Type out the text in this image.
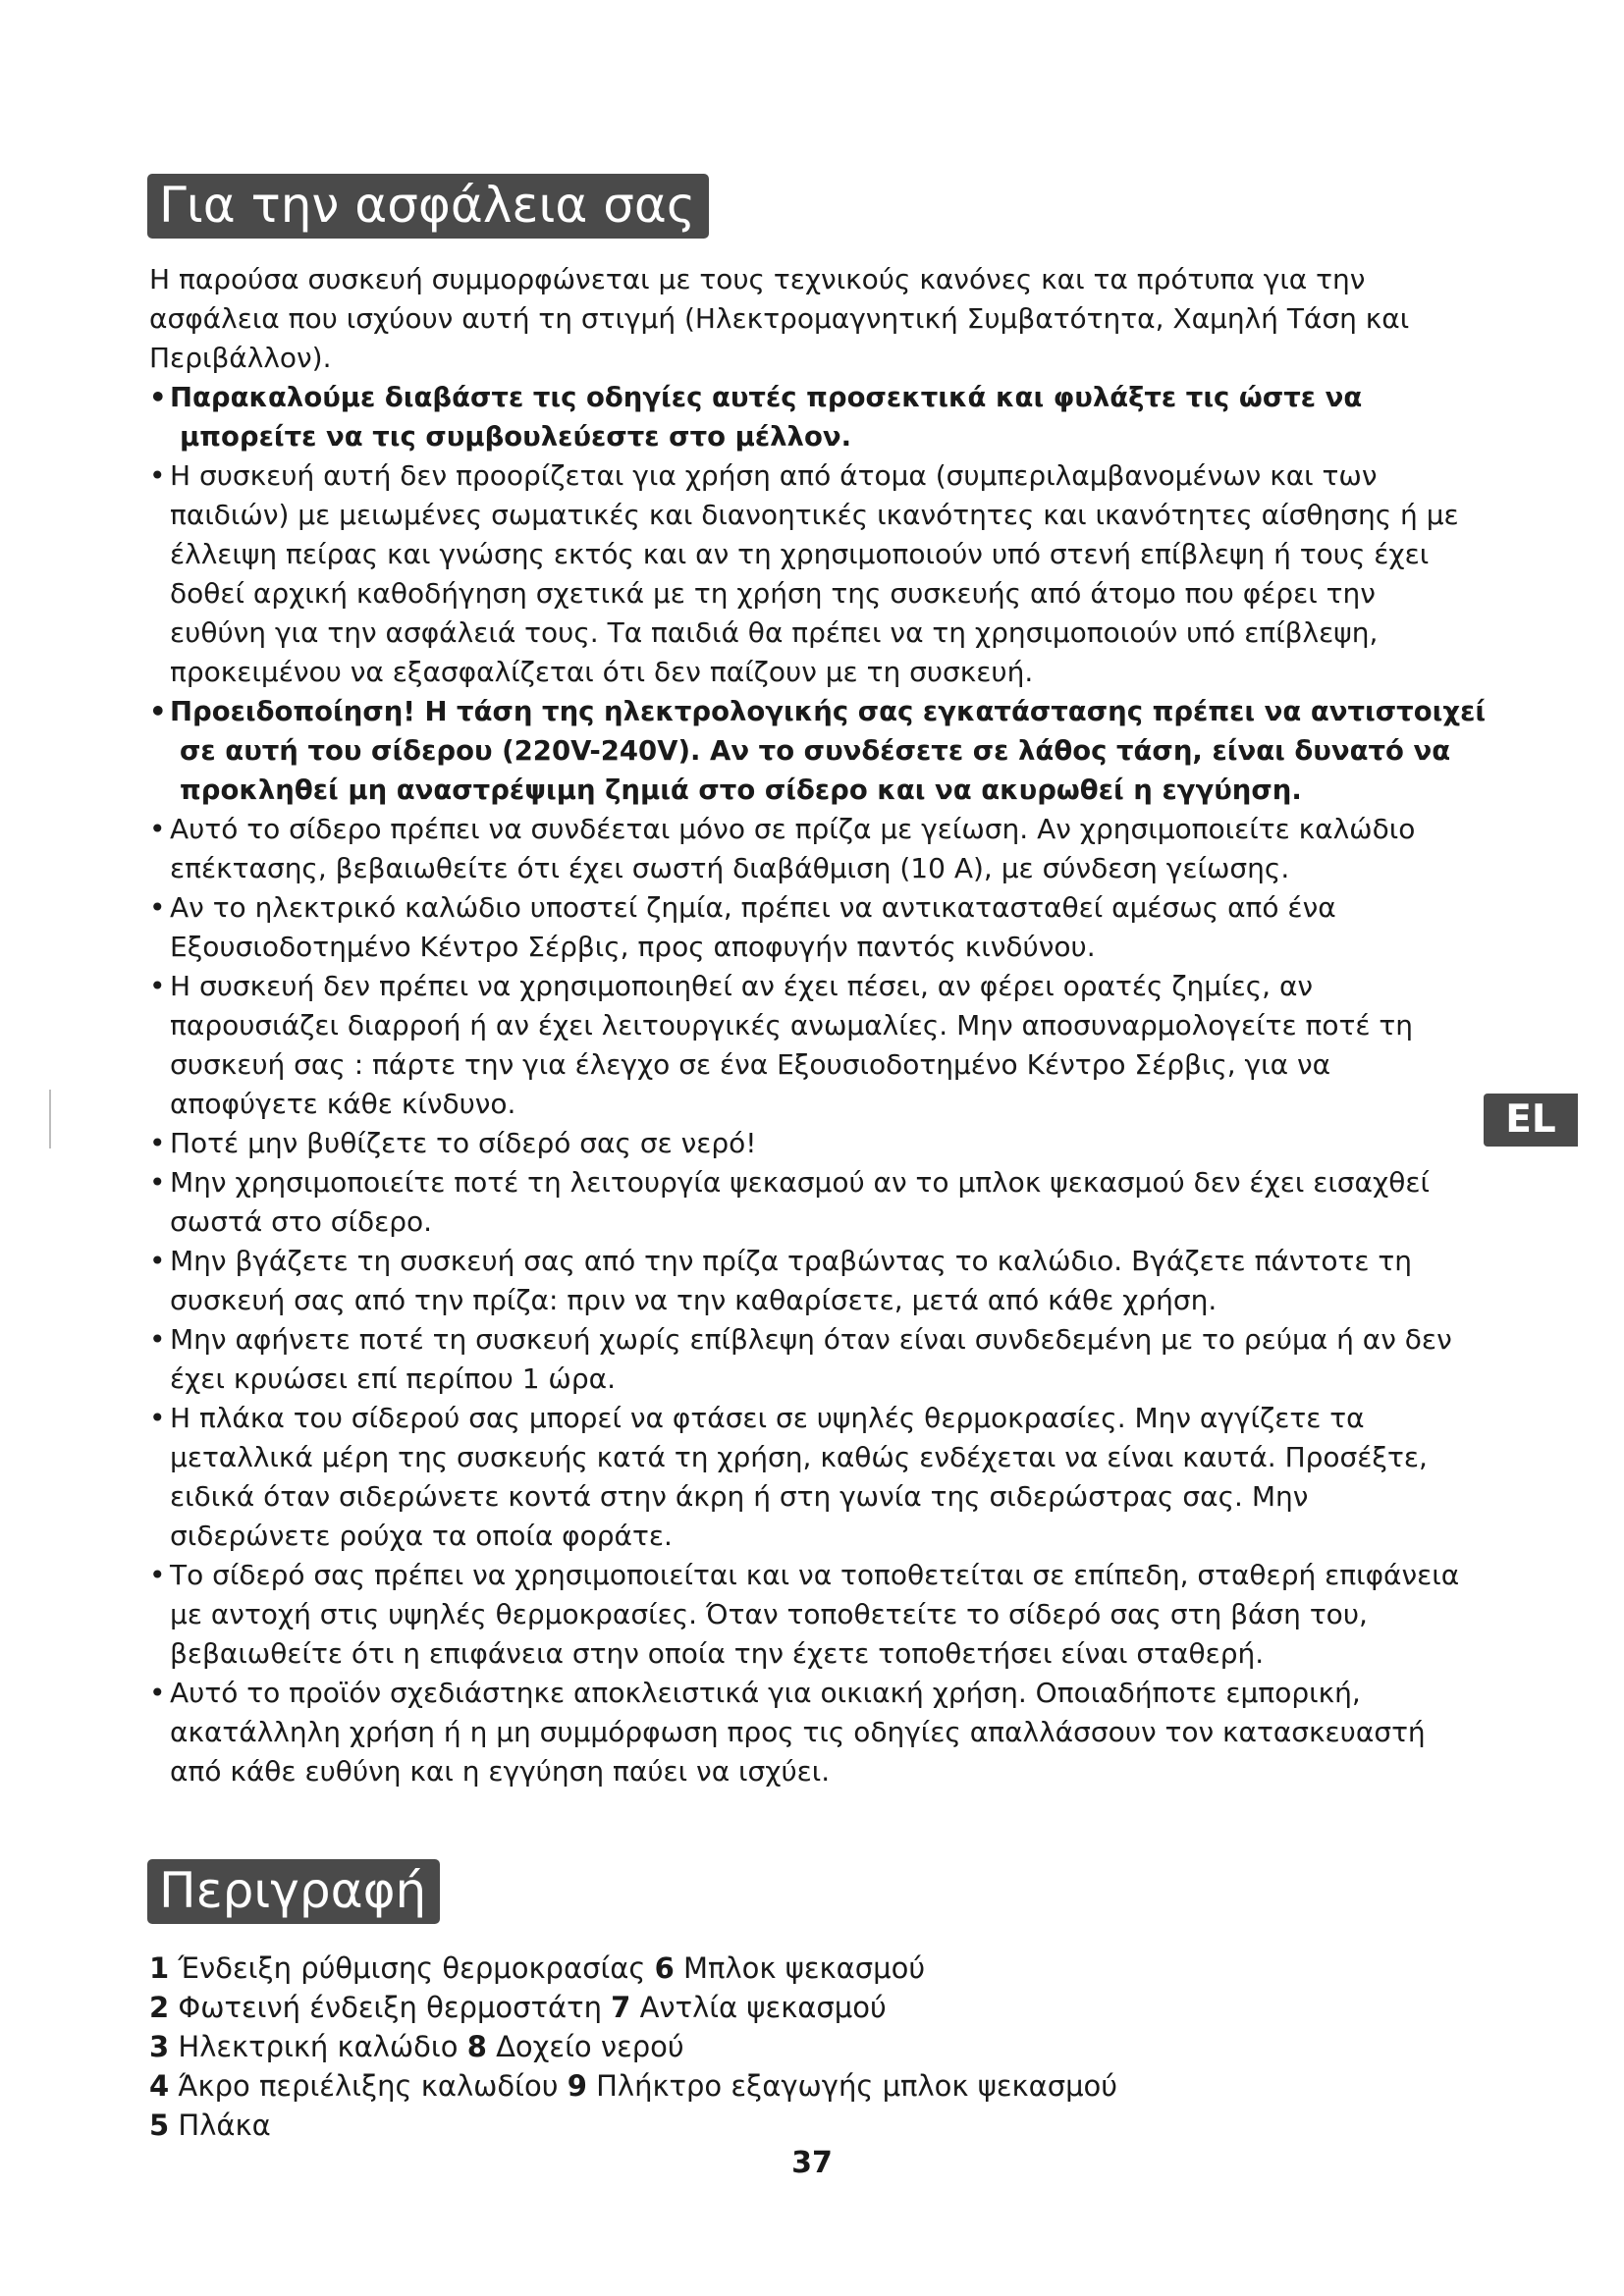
Για την ασφάλεια σας

Η παρούσα συσκευή συμμορφώνεται με τους τεχνικούς κανόνες και τα πρότυπα για την

ασφάλεια που ισχύουν αυτή τη στιγμή (Ηλεκτρομαγνητική Συμβατότητα, Χαμηλή Τάση και

Περιβάλλον).

• Παρακαλούμε διαβάστε τις οδηγίες αυτές προσεκτικά και φυλάξτε τις ώστε να
μπορείτε να τις συμβουλεύεστε στο μέλλον.
• Η συσκευή αυτή δεν προορίζεται για χρήση από άτομα (συμπεριλαμβανομένων και των
παιδιών) με μειωμένες σωματικές και διανοητικές ικανότητες και ικανότητες αίσθησης ή με
έλλειψη πείρας και γνώσης εκτός και αν τη χρησιμοποιούν υπό στενή επίβλεψη ή τους έχει
δοθεί αρχική καθοδήγηση σχετικά με τη χρήση της συσκευής από άτομο που φέρει την
ευθύνη για την ασφάλειά τους. Τα παιδιά θα πρέπει να τη χρησιμοποιούν υπό επίβλεψη,
προκειμένου να εξασφαλίζεται ότι δεν παίζουν με τη συσκευή.
• Προειδοποίηση! Η τάση της ηλεκτρολογικής σας εγκατάστασης πρέπει να αντιστοιχεί
σε αυτή του σίδερου (220V-240V). Αν το συνδέσετε σε λάθος τάση, είναι δυνατό να
προκληθεί μη αναστρέψιμη ζημιά στο σίδερο και να ακυρωθεί η εγγύηση.
• Αυτό το σίδερο πρέπει να συνδέεται μόνο σε πρίζα με γείωση. Αν χρησιμοποιείτε καλώδιο
επέκτασης, βεβαιωθείτε ότι έχει σωστή διαβάθμιση (10 A), με σύνδεση γείωσης.
• Αν το ηλεκτρικό καλώδιο υποστεί ζημία, πρέπει να αντικατασταθεί αμέσως από ένα
Εξουσιοδοτημένο Κέντρο Σέρβις, προς αποφυγήν παντός κινδύνου.
• Η συσκευή δεν πρέπει να χρησιμοποιηθεί αν έχει πέσει, αν φέρει ορατές ζημίες, αν
παρουσιάζει διαρροή ή αν έχει λειτουργικές ανωμαλίες. Μην αποσυναρμολογείτε ποτέ τη
συσκευή σας : πάρτε την για έλεγχο σε ένα Εξουσιοδοτημένο Κέντρο Σέρβις, για να
αποφύγετε κάθε κίνδυνο.
• Ποτέ μην βυθίζετε το σίδερό σας σε νερό!
• Μην χρησιμοποιείτε ποτέ τη λειτουργία ψεκασμού αν το μπλοκ ψεκασμού δεν έχει εισαχθεί
σωστά στο σίδερο.
• Μην βγάζετε τη συσκευή σας από την πρίζα τραβώντας το καλώδιο. Βγάζετε πάντοτε τη
συσκευή σας από την πρίζα: πριν να την καθαρίσετε, μετά από κάθε χρήση.
• Μην αφήνετε ποτέ τη συσκευή χωρίς επίβλεψη όταν είναι συνδεδεμένη με το ρεύμα ή αν δεν
έχει κρυώσει επί περίπου 1 ώρα.
• Η πλάκα του σίδερού σας μπορεί να φτάσει σε υψηλές θερμοκρασίες. Μην αγγίζετε τα
μεταλλικά μέρη της συσκευής κατά τη χρήση, καθώς ενδέχεται να είναι καυτά. Προσέξτε,
ειδικά όταν σιδερώνετε κοντά στην άκρη ή στη γωνία της σιδερώστρας σας. Μην
σιδερώνετε ρούχα τα οποία φοράτε.
• Το σίδερό σας πρέπει να χρησιμοποιείται και να τοποθετείται σε επίπεδη, σταθερή επιφάνεια
με αντοχή στις υψηλές θερμοκρασίες. Όταν τοποθετείτε το σίδερό σας στη βάση του,
βεβαιωθείτε ότι η επιφάνεια στην οποία την έχετε τοποθετήσει είναι σταθερή.
• Αυτό το προϊόν σχεδιάστηκε αποκλειστικά για οικιακή χρήση. Οποιαδήποτε εμπορική,
ακατάλληλη χρήση ή η μη συμμόρφωση προς τις οδηγίες απαλλάσσουν τον κατασκευαστή
από κάθε ευθύνη και η εγγύηση παύει να ισχύει.
Περιγραφή
1 Ένδειξη ρύθμισης θερμοκρασίας 6 Μπλοκ ψεκασμού
2 Φωτεινή ένδειξη θερμοστάτη 7 Αντλία ψεκασμού
3 Ηλεκτρική καλώδιο 8 Δοχείο νερού
4 Άκρο περιέλιξης καλωδίου 9 Πλήκτρο εξαγωγής μπλοκ ψεκασμού
5 Πλάκα
EL
37
